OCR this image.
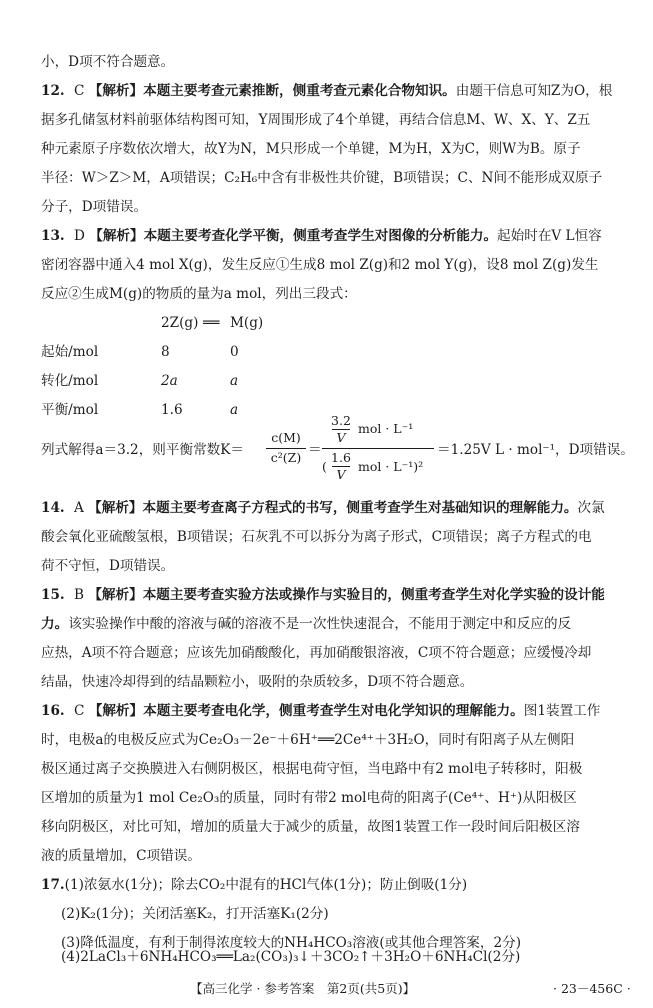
小，D项不符合题意。
12. C 【解析】本题主要考查元素推断，侧重考查元素化合物知识。由题干信息可知Z为O，根
据多孔储氢材料前驱体结构图可知，Y周围形成了4个单键，再结合信息M、W、X、Y、Z五
种元素原子序数依次增大，故Y为N，M只形成一个单键，M为H，X为C，则W为B。原子
半径：W＞Z＞M，A项错误；C₂H₆中含有非极性共价键，B项错误；C、N间不能形成双原子
分子，D项错误。
13. D 【解析】本题主要考查化学平衡，侧重考查学生对图像的分析能力。起始时在V L恒容
密闭容器中通入4 mol X(g)，发生反应①生成8 mol Z(g)和2 mol Y(g)，设8 mol Z(g)发生
反应②生成M(g)的物质的量为a mol，列出三段式：
2Z(g) ══ M(g)
起始/mol	8	0
转化/mol	2a	a
平衡/mol	1.6	a
列式解得a＝3.2，则平衡常数K＝
c(M)
c²(Z) ＝
3.2
V
mol · L⁻¹
(
1.6
V
mol · L⁻¹)²
＝1.25V L · mol⁻¹，D项错误。
14. A 【解析】本题主要考查离子方程式的书写，侧重考查学生对基础知识的理解能力。次氯
酸会氧化亚硫酸氢根，B项错误；石灰乳不可以拆分为离子形式，C项错误；离子方程式的电
荷不守恒，D项错误。
15. B 【解析】本题主要考查实验方法或操作与实验目的，侧重考查学生对化学实验的设计能
力。该实验操作中酸的溶液与碱的溶液不是一次性快速混合，不能用于测定中和反应的反
应热，A项不符合题意；应该先加硝酸酸化，再加硝酸银溶液，C项不符合题意；应缓慢冷却
结晶，快速冷却得到的结晶颗粒小，吸附的杂质较多，D项不符合题意。
16. C 【解析】本题主要考查电化学，侧重考查学生对电化学知识的理解能力。图1装置工作
时，电极a的电极反应式为Ce₂O₃－2e⁻＋6H⁺══2Ce⁴⁺＋3H₂O，同时有阳离子从左侧阳
极区通过离子交换膜进入右侧阴极区，根据电荷守恒，当电路中有2 mol电子转移时，阳极
区增加的质量为1 mol Ce₂O₃的质量，同时有带2 mol电荷的阳离子(Ce⁴⁺、H⁺)从阳极区
移向阴极区，对比可知，增加的质量大于减少的质量，故图1装置工作一段时间后阳极区溶
液的质量增加，C项错误。
17.(1)浓氨水(1分)；除去CO₂中混有的HCl气体(1分)；防止倒吸(1分)
(2)K₂(1分)；关闭活塞K₂，打开活塞K₁(2分)
(3)降低温度，有利于制得浓度较大的NH₄HCO₃溶液(或其他合理答案，2分)
(4)2LaCl₃＋6NH₄HCO₃══La₂(CO₃)₃↓＋3CO₂↑＋3H₂O＋6NH₄Cl(2分)
【高三化学 · 参考答案　第2页(共5页)】	· 23－456C ·
